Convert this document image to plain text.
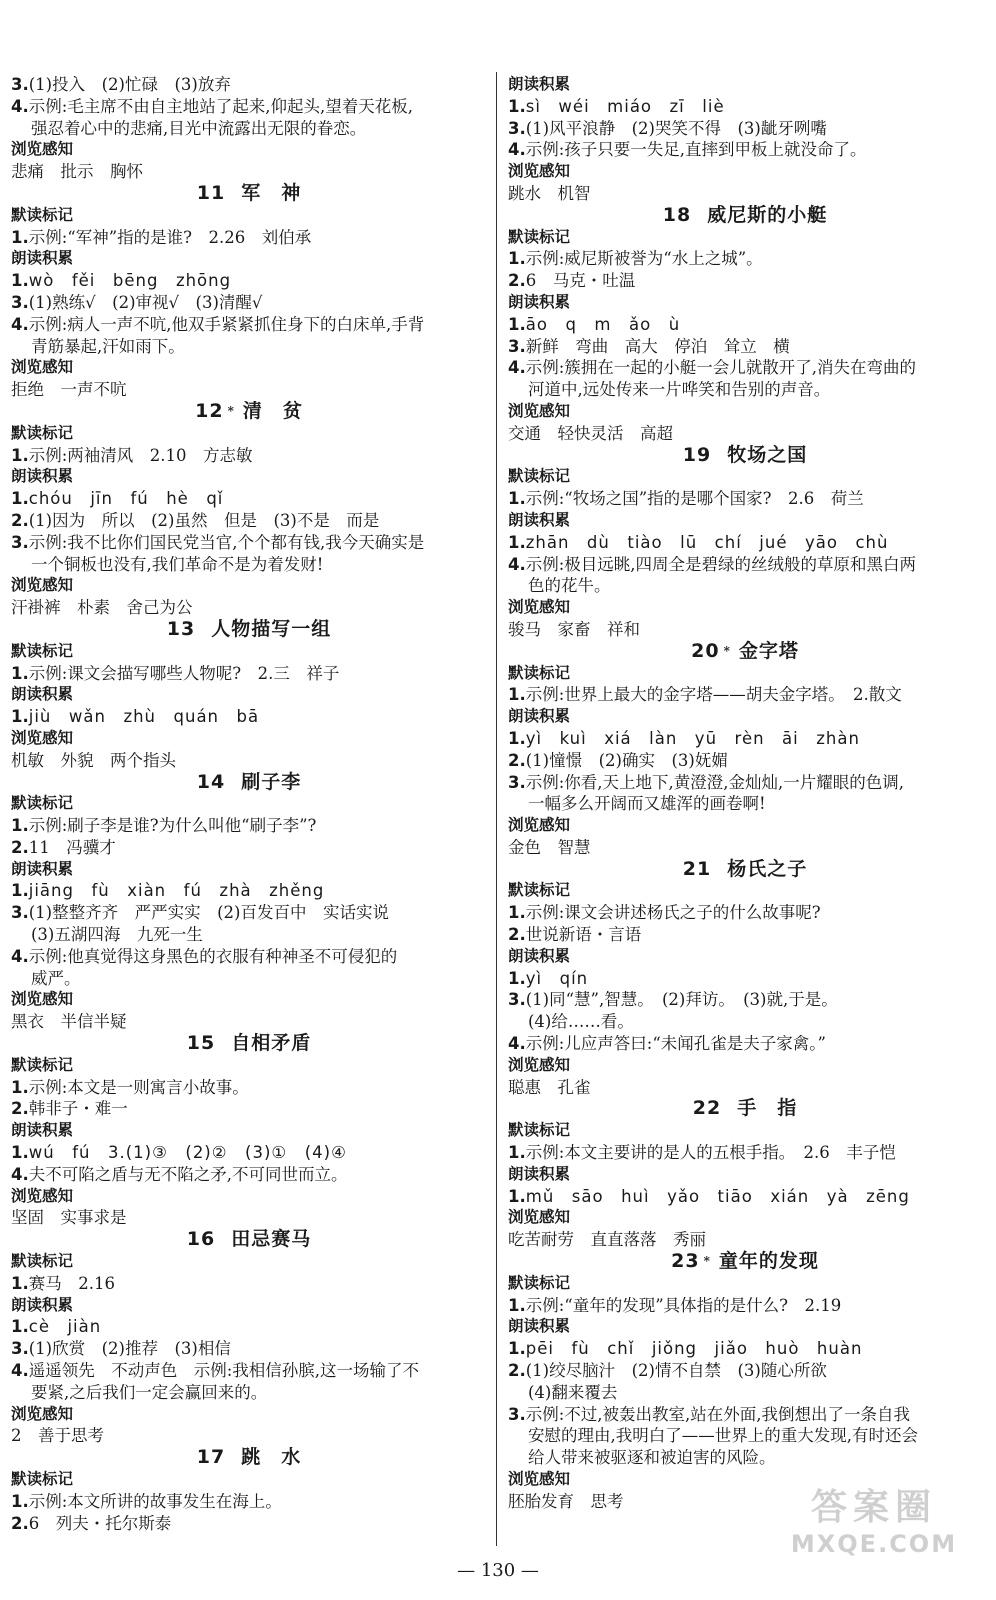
3.(1)投入　(2)忙碌　(3)放弃
4.示例:毛主席不由自主地站了起来,仰起头,望着天花板,
强忍着心中的悲痛,目光中流露出无限的眷恋。
浏览感知
悲痛　批示　胸怀
11 军　神
默读标记
1.示例:“军神”指的是谁?　2.26　刘伯承
朗读积累
1.wò　fěi　bēng　zhōng
3.(1)熟练√　(2)审视√　(3)清醒√
4.示例:病人一声不吭,他双手紧紧抓住身下的白床单,手背
青筋暴起,汗如雨下。
浏览感知
拒绝　一声不吭
12 * 清　贫
默读标记
1.示例:两袖清风　2.10　方志敏
朗读积累
1.chóu　jīn　fú　hè　qǐ
2.(1)因为　所以　(2)虽然　但是　(3)不是　而是
3.示例:我不比你们国民党当官,个个都有钱,我今天确实是
一个铜板也没有,我们革命不是为着发财!
浏览感知
汗褂裤　朴素　舍己为公
13 人物描写一组
默读标记
1.示例:课文会描写哪些人物呢?　2.三　祥子
朗读积累
1.jiù　wǎn　zhù　quán　bā
浏览感知
机敏　外貌　两个指头
14 刷子李
默读标记
1.示例:刷子李是谁?为什么叫他“刷子李”?
2.11　冯骥才
朗读积累
1.jiāng　fù　xiàn　fú　zhà　zhěng
3.(1)整整齐齐　严严实实　(2)百发百中　实话实说
(3)五湖四海　九死一生
4.示例:他真觉得这身黑色的衣服有种神圣不可侵犯的
威严。
浏览感知
黑衣　半信半疑
15 自相矛盾
默读标记
1.示例:本文是一则寓言小故事。
2.韩非子・难一
朗读积累
1.wú　fú　3.(1)③　(2)②　(3)①　(4)④
4.夫不可陷之盾与无不陷之矛,不可同世而立。
浏览感知
坚固　实事求是
16 田忌赛马
默读标记
1.赛马　2.16
朗读积累
1.cè　jiàn
3.(1)欣赏　(2)推荐　(3)相信
4.遥遥领先　不动声色　示例:我相信孙膑,这一场输了不
要紧,之后我们一定会赢回来的。
浏览感知
2　善于思考
17 跳　水
默读标记
1.示例:本文所讲的故事发生在海上。
2.6　列夫・托尔斯泰
朗读积累
1.sì　wéi　miáo　zī　liè
3.(1)风平浪静　(2)哭笑不得　(3)龇牙咧嘴
4.示例:孩子只要一失足,直摔到甲板上就没命了。
浏览感知
跳水　机智
18 威尼斯的小艇
默读标记
1.示例:威尼斯被誉为“水上之城”。
2.6　马克・吐温
朗读积累
1.āo　q　m　ǎo　ù
3.新鲜　弯曲　高大　停泊　耸立　横
4.示例:簇拥在一起的小艇一会儿就散开了,消失在弯曲的
河道中,远处传来一片哗笑和告别的声音。
浏览感知
交通　轻快灵活　高超
19 牧场之国
默读标记
1.示例:“牧场之国”指的是哪个国家?　2.6　荷兰
朗读积累
1.zhān　dù　tiào　lū　chí　jué　yāo　chù
4.示例:极目远眺,四周全是碧绿的丝绒般的草原和黑白两
色的花牛。
浏览感知
骏马　家畜　祥和
20 * 金字塔
默读标记
1.示例:世界上最大的金字塔——胡夫金字塔。　2.散文
朗读积累
1.yì　kuì　xiá　làn　yū　rèn　āi　zhàn
2.(1)憧憬　(2)确实　(3)妩媚
3.示例:你看,天上地下,黄澄澄,金灿灿,一片耀眼的色调,
一幅多么开阔而又雄浑的画卷啊!
浏览感知
金色　智慧
21 杨氏之子
默读标记
1.示例:课文会讲述杨氏之子的什么故事呢?
2.世说新语・言语
朗读积累
1.yì　qín
3.(1)同“慧”,智慧。　(2)拜访。　(3)就,于是。
(4)给……看。
4.示例:儿应声答曰:“未闻孔雀是夫子家禽。”
浏览感知
聪惠　孔雀
22 手　指
默读标记
1.示例:本文主要讲的是人的五根手指。　2.6　丰子恺
朗读积累
1.mǔ　sāo　huì　yǎo　tiāo　xián　yà　zēng
浏览感知
吃苦耐劳　直直落落　秀丽
23 * 童年的发现
默读标记
1.示例:“童年的发现”具体指的是什么?　2.19
朗读积累
1.pēi　fù　chǐ　jiǒng　jiǎo　huò　huàn
2.(1)绞尽脑汁　(2)情不自禁　(3)随心所欲
(4)翻来覆去
3.示例:不过,被轰出教室,站在外面,我倒想出了一条自我
安慰的理由,我明白了——世界上的重大发现,有时还会
给人带来被驱逐和被迫害的风险。
浏览感知
胚胎发育　思考	答案圈
MXQE.COM
— 130 —
